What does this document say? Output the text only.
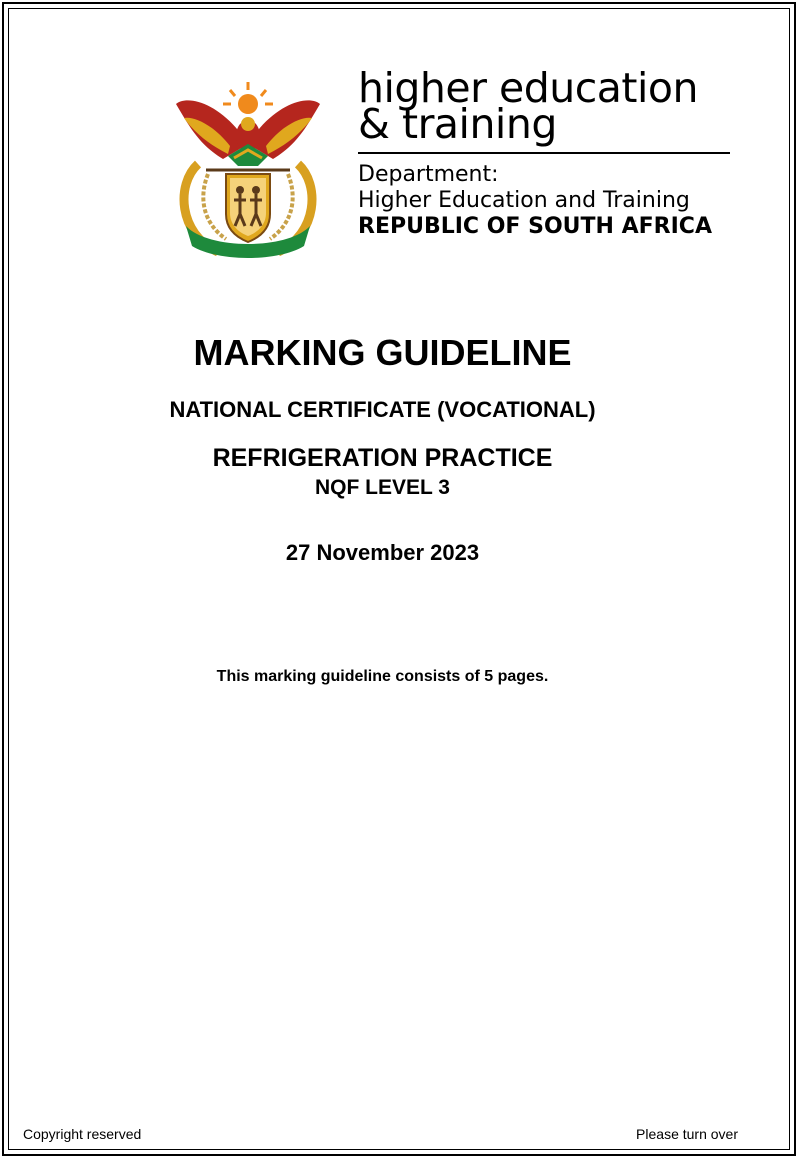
higher education
& training
Department:
Higher Education and Training
REPUBLIC OF SOUTH AFRICA
MARKING GUIDELINE
NATIONAL CERTIFICATE (VOCATIONAL)
REFRIGERATION PRACTICE
NQF LEVEL 3
27 November 2023
This marking guideline consists of 5 pages.
Copyright reserved	Please turn over
